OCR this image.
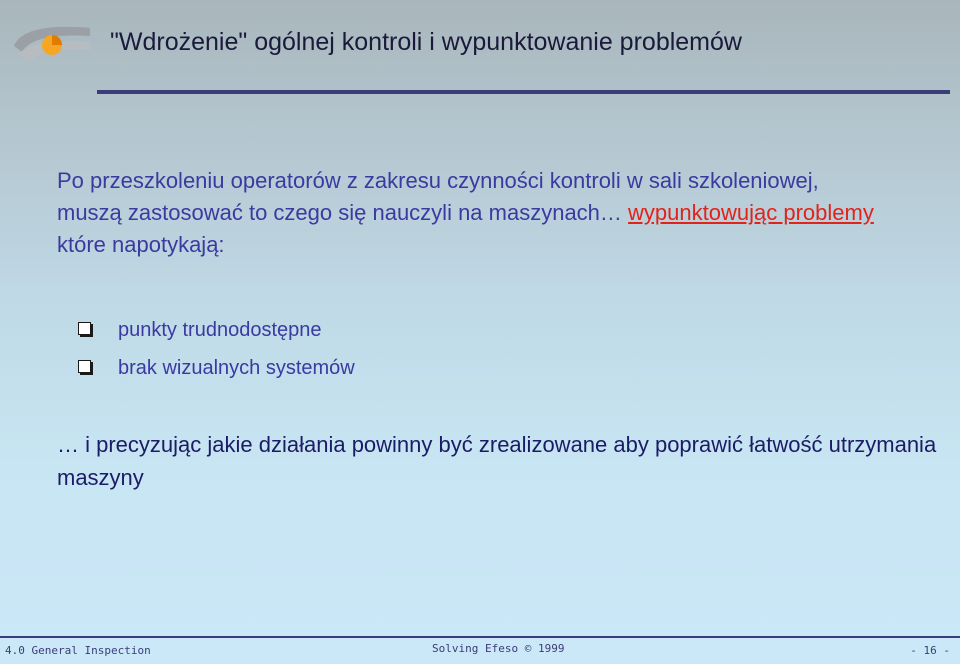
"Wdrożenie" ogólnej kontroli i wypunktowanie problemów
Po przeszkoleniu operatorów z zakresu czynności kontroli w sali szkoleniowej, muszą zastosować to czego się nauczyli na maszynach… wypunktowując problemy które napotykają:
punkty trudnodostępne
brak wizualnych systemów
… i precyzując jakie działania powinny być zrealizowane aby poprawić łatwość utrzymania maszyny
4.0 General Inspection	Solving Efeso © 1999	- 16 -
